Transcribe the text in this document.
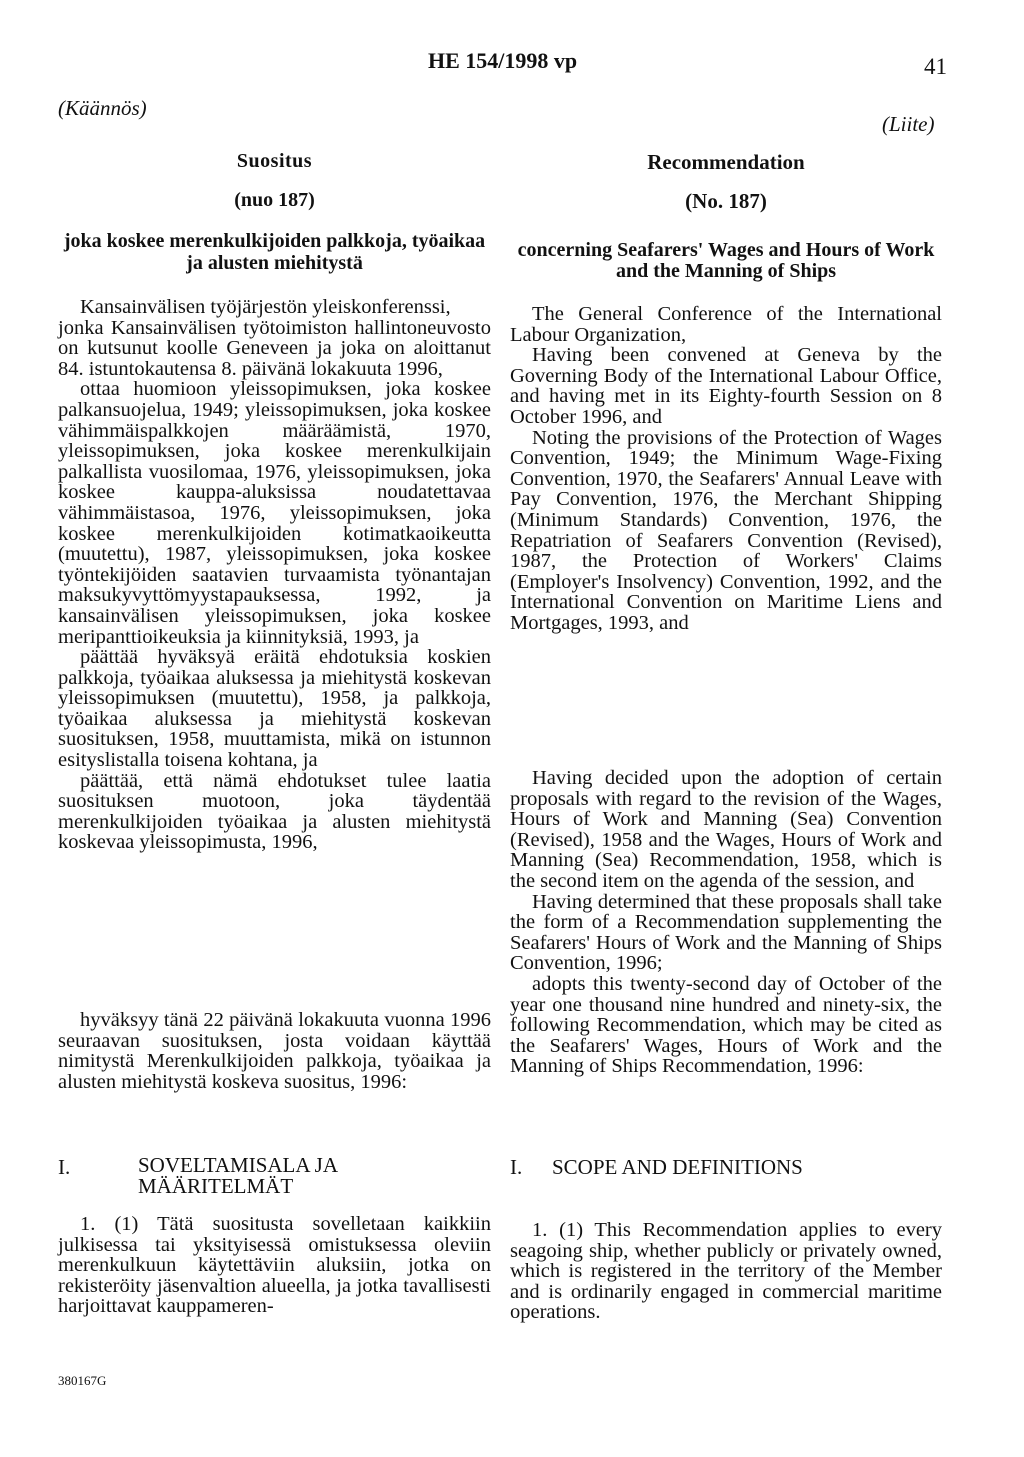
HE 154/1998 vp	41
(Käännös)
Suositus
(nuo 187)
joka koskee merenkulkijoiden palkkoja, työaikaa ja alusten miehitystä

Kansainvälisen työjärjestön yleiskonferenssi,

jonka Kansainvälisen työtoimiston hallintoneuvosto on kutsunut koolle Geneveen ja joka on aloittanut 84. istuntokautensa 8. päivänä lokakuuta 1996,

ottaa huomioon yleissopimuksen, joka koskee palkansuojelua, 1949; yleissopimuksen, joka koskee vähimmäispalkkojen määräämistä, 1970, yleissopimuksen, joka koskee merenkulkijain palkallista vuosilomaa, 1976, yleissopimuksen, joka koskee kauppa-aluksissa noudatettavaa vähimmäistasoa, 1976, yleissopimuksen, joka koskee merenkulkijoiden kotimatkaoikeutta (muutettu), 1987, yleissopimuksen, joka koskee työntekijöiden saatavien turvaamista työnantajan maksukyvyttömyystapauksessa, 1992, ja kansainvälisen yleissopimuksen, joka koskee meripanttioikeuksia ja kiinnityksiä, 1993, ja

päättää hyväksyä eräitä ehdotuksia koskien palkkoja, työaikaa aluksessa ja miehitystä koskevan yleissopimuksen (muutettu), 1958, ja palkkoja, työaikaa aluksessa ja miehitystä koskevan suosituksen, 1958, muuttamista, mikä on istunnon esityslistalla toisena kohtana, ja

päättää, että nämä ehdotukset tulee laatia suosituksen muotoon, joka täydentää merenkulkijoiden työaikaa ja alusten miehitystä koskevaa yleissopimusta, 1996,

hyväksyy tänä 22 päivänä lokakuuta vuonna 1996 seuraavan suosituksen, josta voidaan käyttää nimitystä Merenkulkijoiden palkkoja, työaikaa ja alusten miehitystä koskeva suositus, 1996:

I.	SOVELTAMISALA JA MÄÄRITELMÄT

1. (1) Tätä suositusta sovelletaan kaikkiin julkisessa tai yksityisessä omistuksessa oleviin merenkulkuun käytettäviin aluksiin, jotka on rekisteröity jäsenvaltion alueella, ja jotka tavallisesti harjoittavat kauppameren-

(Liite)
Recommendation
(No. 187)
concerning Seafarers' Wages and Hours of Work and the Manning of Ships

The General Conference of the International Labour Organization,

Having been convened at Geneva by the Governing Body of the International Labour Office, and having met in its Eighty-fourth Session on 8 October 1996, and

Noting the provisions of the Protection of Wages Convention, 1949; the Minimum Wage-Fixing Convention, 1970, the Seafarers' Annual Leave with Pay Convention, 1976, the Merchant Shipping (Minimum Standards) Convention, 1976, the Repatriation of Seafarers Convention (Revised), 1987, the Protection of Workers' Claims (Employer's Insolvency) Convention, 1992, and the International Convention on Maritime Liens and Mortgages, 1993, and

Having decided upon the adoption of certain proposals with regard to the revision of the Wages, Hours of Work and Manning (Sea) Convention (Revised), 1958 and the Wages, Hours of Work and Manning (Sea) Recommendation, 1958, which is the second item on the agenda of the session, and

Having determined that these proposals shall take the form of a Recommendation supplementing the Seafarers' Hours of Work and the Manning of Ships Convention, 1996;

adopts this twenty-second day of October of the year one thousand nine hundred and ninety-six, the following Recommendation, which may be cited as the Seafarers' Wages, Hours of Work and the Manning of Ships Recommendation, 1996:

I. SCOPE AND DEFINITIONS

1. (1) This Recommendation applies to every seagoing ship, whether publicly or privately owned, which is registered in the territory of the Member and is ordinarily engaged in commercial maritime operations.

380167G
